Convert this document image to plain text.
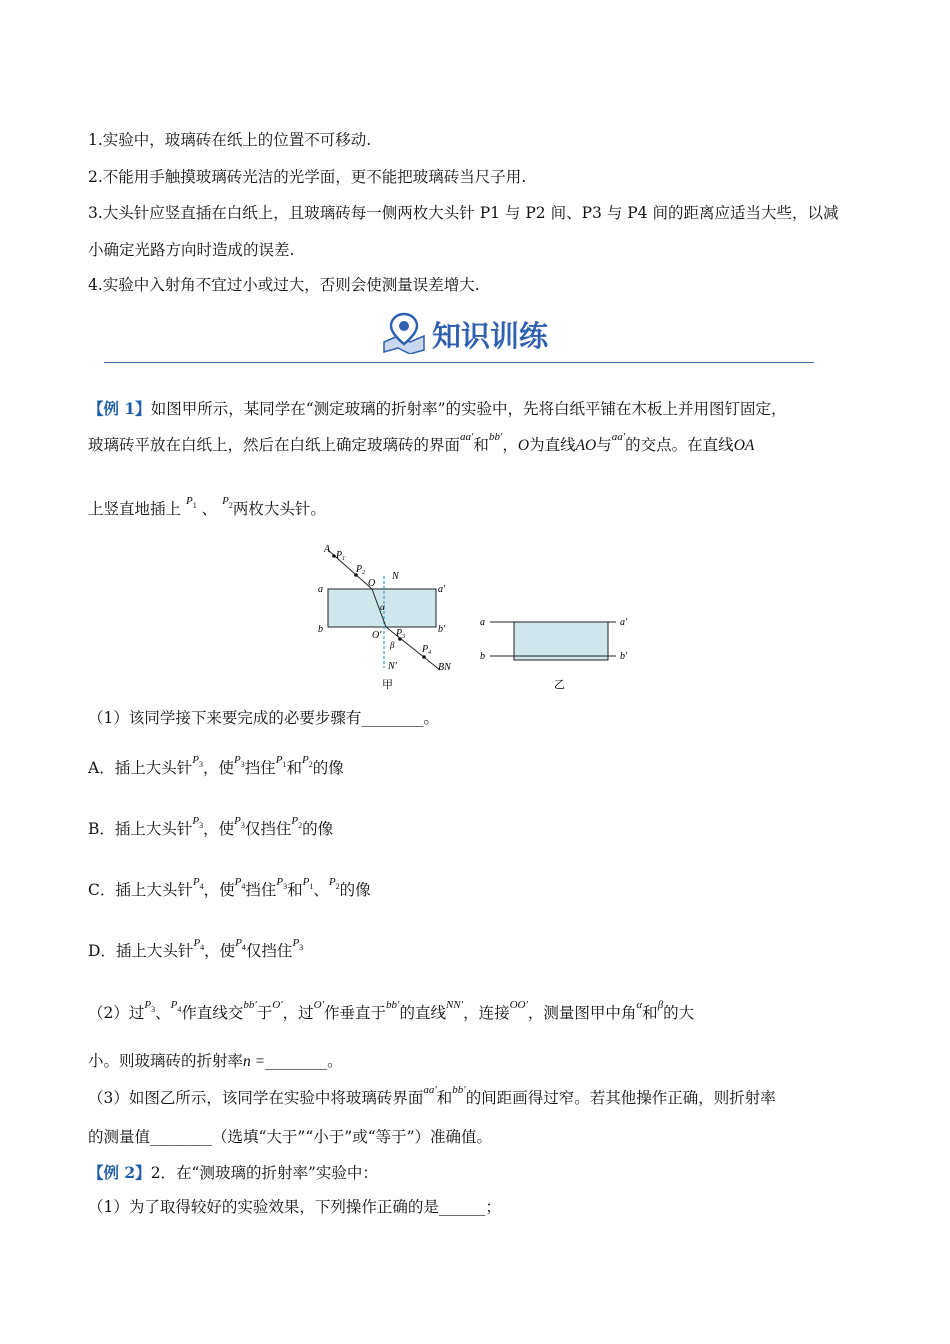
1.实验中，玻璃砖在纸上的位置不可移动.
2.不能用手触摸玻璃砖光洁的光学面，更不能把玻璃砖当尺子用.
3.大头针应竖直插在白纸上，且玻璃砖每一侧两枚大头针 P1 与 P2 间、P3 与 P4 间的距离应适当大些，以减
小确定光路方向时造成的误差.
4.实验中入射角不宜过小或过大，否则会使测量误差增大.
知识训练
【例 1】如图甲所示，某同学在“测定玻璃的折射率”的实验中，先将白纸平铺在木板上并用图钉固定，
玻璃砖平放在白纸上，然后在白纸上确定玻璃砖的界面$^{aa'}$和$^{bb'}$，O为直线AO与$^{aa'}$的交点。在直线OA
上竖直地插上 $^{P_1}$ 、 $^{P_2}$两枚大头针。
A
$P_1$
$P_2$
O
N
a	a′
α
b	b′
O′ $P_3$
β	$P_4$
N′	BN
甲
a	a′
b	b′
乙
（1）该同学接下来要完成的必要步骤有________。
A．插上大头针$^{P_3}$，使$^{P_3}$挡住$^{P_1}$和$^{P_2}$的像
B．插上大头针$^{P_3}$，使$^{P_3}$仅挡住$^{P_2}$的像
C．插上大头针$^{P_4}$，使$^{P_4}$挡住$^{P_3}$和$^{P_1}$、$^{P_2}$的像
D．插上大头针$^{P_4}$，使$^{P_4}$仅挡住$^{P_3}$
（2）过$^{P_3}$、$^{P_4}$作直线交$^{bb'}$于$^{O'}$，过$^{O'}$作垂直于$^{bb'}$的直线$^{NN'}$，连接$^{OO'}$，测量图甲中角$^\alpha$和$^\beta$的大
小。则玻璃砖的折射率n =________。
（3）如图乙所示，该同学在实验中将玻璃砖界面$^{aa'}$和$^{bb'}$的间距画得过窄。若其他操作正确，则折射率
的测量值________（选填“大于”“小于”或“等于”）准确值。
【例 2】2．在“测玻璃的折射率”实验中：
（1）为了取得较好的实验效果，下列操作正确的是______；
